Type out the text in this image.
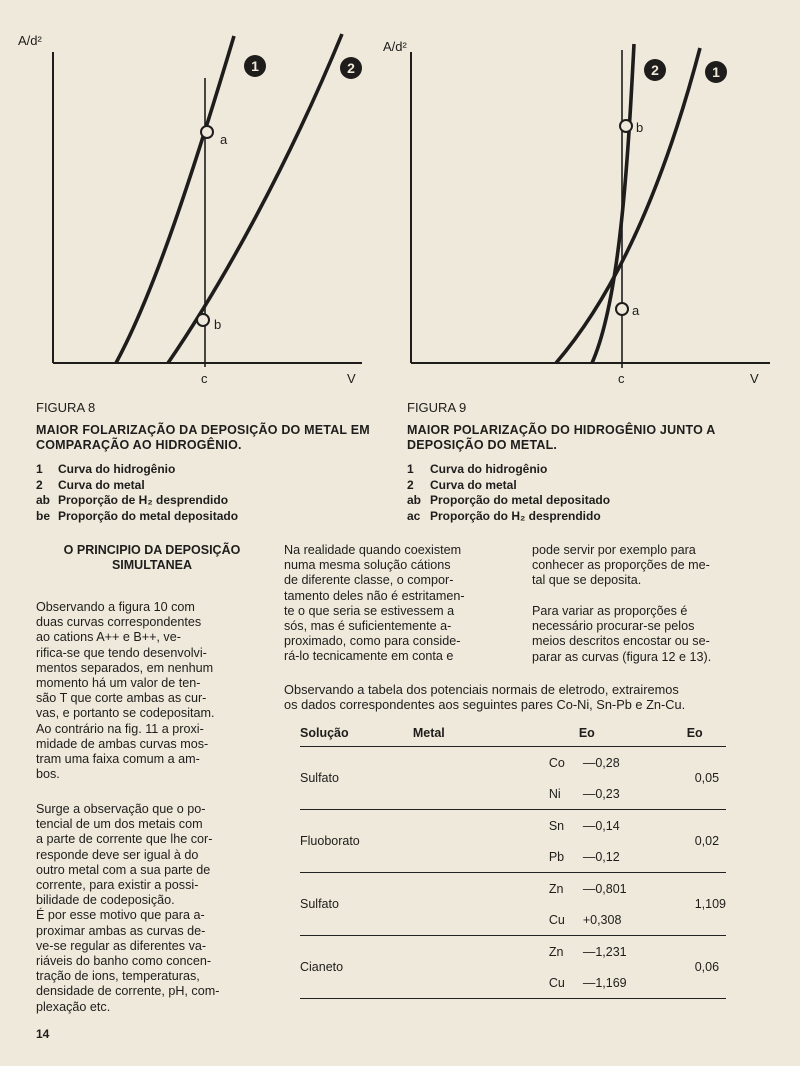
1	2
A/d²
V
c
a
b
2	1
A/d²
V
c
b
a
FIGURA 8
MAIOR FOLARIZAÇÃO DA DEPOSIÇÃO DO METAL EM COMPARAÇÃO AO HIDROGÊNIO.
1	Curva do hidrogênio
2	Curva do metal
ab Proporção de H₂ desprendido
be Proporção do metal depositado
FIGURA 9
MAIOR POLARIZAÇÃO DO HIDROGÊNIO JUNTO A DEPOSIÇÃO DO METAL.
1	Curva do hidrogênio
2	Curva do metal
ab Proporção do metal depositado
ac Proporção do H₂ desprendido
O PRINCIPIO DA DEPOSIÇÃO
SIMULTANEA

Observando a figura 10 com

duas curvas correspondentes

ao cations A++ e B++, ve-

rifica-se que tendo desenvolvi-

mentos separados, em nenhum

momento há um valor de ten-

são T que corte ambas as cur-

vas, e portanto se codepositam.

Ao contrário na fig. 11 a proxi-

midade de ambas curvas mos-

tram uma faixa comum a am-

bos.

Surge a observação que o po-

tencial de um dos metais com

a parte de corrente que lhe cor-

responde deve ser igual à do

outro metal com a sua parte de

corrente, para existir a possi-

bilidade de codeposição.

É por esse motivo que para a-

proximar ambas as curvas de-

ve-se regular as diferentes va-

riáveis do banho como concen-

tração de ions, temperaturas,

densidade de corrente, pH, com-

plexação etc.

Na realidade quando coexistem

numa mesma solução cátions

de diferente classe, o compor-

tamento deles não é estritamen-

te o que seria se estivessem a

sós, mas é suficientemente a-

proximado, como para conside-

rá-lo tecnicamente em conta e

pode servir por exemplo para

conhecer as proporções de me-

tal que se deposita.

Para variar as proporções é

necessário procurar-se pelos

meios descritos encostar ou se-

parar as curvas (figura 12 e 13).

Observando a tabela dos potenciais normais de eletrodo, extrairemos

os dados correspondentes aos seguintes pares Co-Ni, Sn-Pb e Zn-Cu.

Solução	Metal	Eo	Eo
Sulfato	Co	—0,28	0,05
	Ni	—0,23	
Fluoborato	Sn	—0,14	0,02
	Pb	—0,12	
Sulfato	Zn	—0,801	1,109
	Cu	+0,308	
Cianeto	Zn	—1,231	0,06
	Cu	—1,169	
14
